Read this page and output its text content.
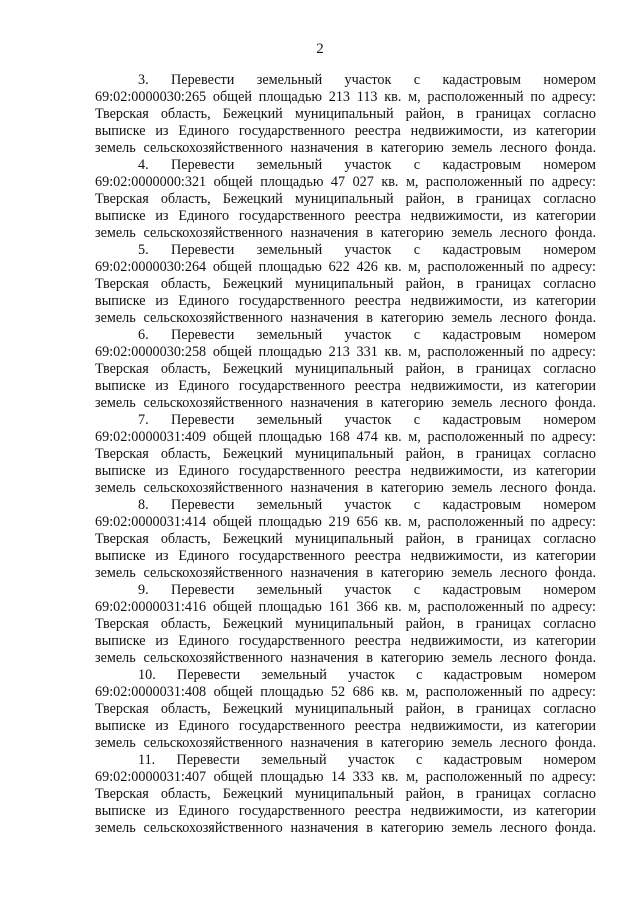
2
3. Перевести земельный участок с кадастровым номером
69:02:0000030:265 общей площадью 213 113 кв. м, расположенный по адресу:
Тверская область, Бежецкий муниципальный район, в границах согласно
выписке из Единого государственного реестра недвижимости, из категории
земель сельскохозяйственного назначения в категорию земель лесного фонда.
4. Перевести земельный участок с кадастровым номером
69:02:0000000:321 общей площадью 47 027 кв. м, расположенный по адресу:
Тверская область, Бежецкий муниципальный район, в границах согласно
выписке из Единого государственного реестра недвижимости, из категории
земель сельскохозяйственного назначения в категорию земель лесного фонда.
5. Перевести земельный участок с кадастровым номером
69:02:0000030:264 общей площадью 622 426 кв. м, расположенный по адресу:
Тверская область, Бежецкий муниципальный район, в границах согласно
выписке из Единого государственного реестра недвижимости, из категории
земель сельскохозяйственного назначения в категорию земель лесного фонда.
6. Перевести земельный участок с кадастровым номером
69:02:0000030:258 общей площадью 213 331 кв. м, расположенный по адресу:
Тверская область, Бежецкий муниципальный район, в границах согласно
выписке из Единого государственного реестра недвижимости, из категории
земель сельскохозяйственного назначения в категорию земель лесного фонда.
7. Перевести земельный участок с кадастровым номером
69:02:0000031:409 общей площадью 168 474 кв. м, расположенный по адресу:
Тверская область, Бежецкий муниципальный район, в границах согласно
выписке из Единого государственного реестра недвижимости, из категории
земель сельскохозяйственного назначения в категорию земель лесного фонда.
8. Перевести земельный участок с кадастровым номером
69:02:0000031:414 общей площадью 219 656 кв. м, расположенный по адресу:
Тверская область, Бежецкий муниципальный район, в границах согласно
выписке из Единого государственного реестра недвижимости, из категории
земель сельскохозяйственного назначения в категорию земель лесного фонда.
9. Перевести земельный участок с кадастровым номером
69:02:0000031:416 общей площадью 161 366 кв. м, расположенный по адресу:
Тверская область, Бежецкий муниципальный район, в границах согласно
выписке из Единого государственного реестра недвижимости, из категории
земель сельскохозяйственного назначения в категорию земель лесного фонда.
10. Перевести земельный участок с кадастровым номером
69:02:0000031:408 общей площадью 52 686 кв. м, расположенный по адресу:
Тверская область, Бежецкий муниципальный район, в границах согласно
выписке из Единого государственного реестра недвижимости, из категории
земель сельскохозяйственного назначения в категорию земель лесного фонда.
11. Перевести земельный участок с кадастровым номером
69:02:0000031:407 общей площадью 14 333 кв. м, расположенный по адресу:
Тверская область, Бежецкий муниципальный район, в границах согласно
выписке из Единого государственного реестра недвижимости, из категории
земель сельскохозяйственного назначения в категорию земель лесного фонда.
